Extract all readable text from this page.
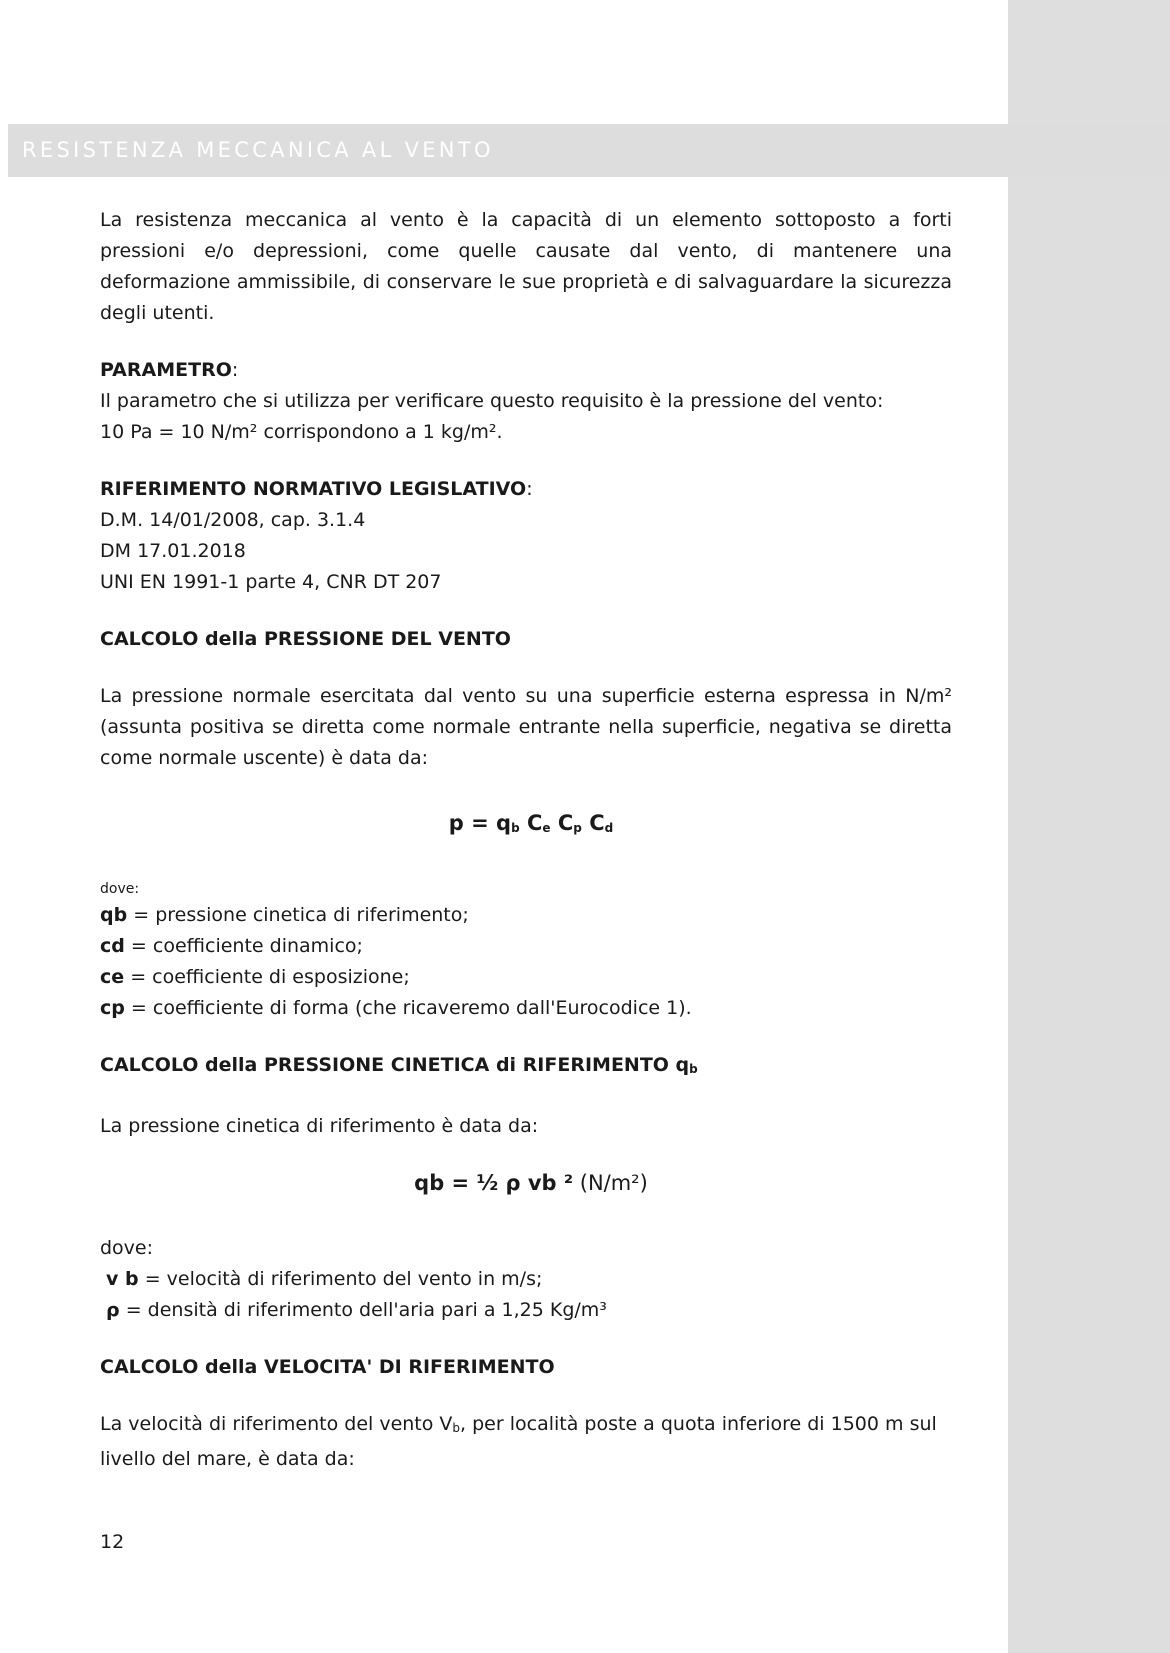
RESISTENZA MECCANICA AL VENTO

La resistenza meccanica al vento è la capacità di un elemento sottoposto a forti pressioni e/o depressioni, come quelle causate dal vento, di mantenere una deformazione ammissibile, di conservare le sue proprietà e di salvaguardare la sicurezza degli utenti.

PARAMETRO:

Il parametro che si utilizza per verificare questo requisito è la pressione del vento:

10 Pa = 10 N/m² corrispondono a 1 kg/m².

RIFERIMENTO NORMATIVO LEGISLATIVO:

D.M. 14/01/2008, cap. 3.1.4

DM 17.01.2018

UNI EN 1991-1 parte 4, CNR DT 207

CALCOLO della PRESSIONE DEL VENTO

La pressione normale esercitata dal vento su una superficie esterna espressa in N/m² (assunta positiva se diretta come normale entrante nella superficie, negativa se diretta come normale uscente) è data da:

$p = q_b$ $C_e$ $C_p$ $C_d$

dove:

qb = pressione cinetica di riferimento;

cd = coefficiente dinamico;

ce = coefficiente di esposizione;

cp = coefficiente di forma (che ricaveremo dall'Eurocodice 1).

CALCOLO della PRESSIONE CINETICA di RIFERIMENTO $q_b$

La pressione cinetica di riferimento è data da:

qb = ½ ρ vb ² (N/m²)

dove:

v b = velocità di riferimento del vento in m/s;

ρ = densità di riferimento dell'aria pari a 1,25 Kg/m³

CALCOLO della VELOCITA' DI RIFERIMENTO

La velocità di riferimento del vento $V_b$, per località poste a quota inferiore di 1500 m sul livello del mare, è data da:

12
